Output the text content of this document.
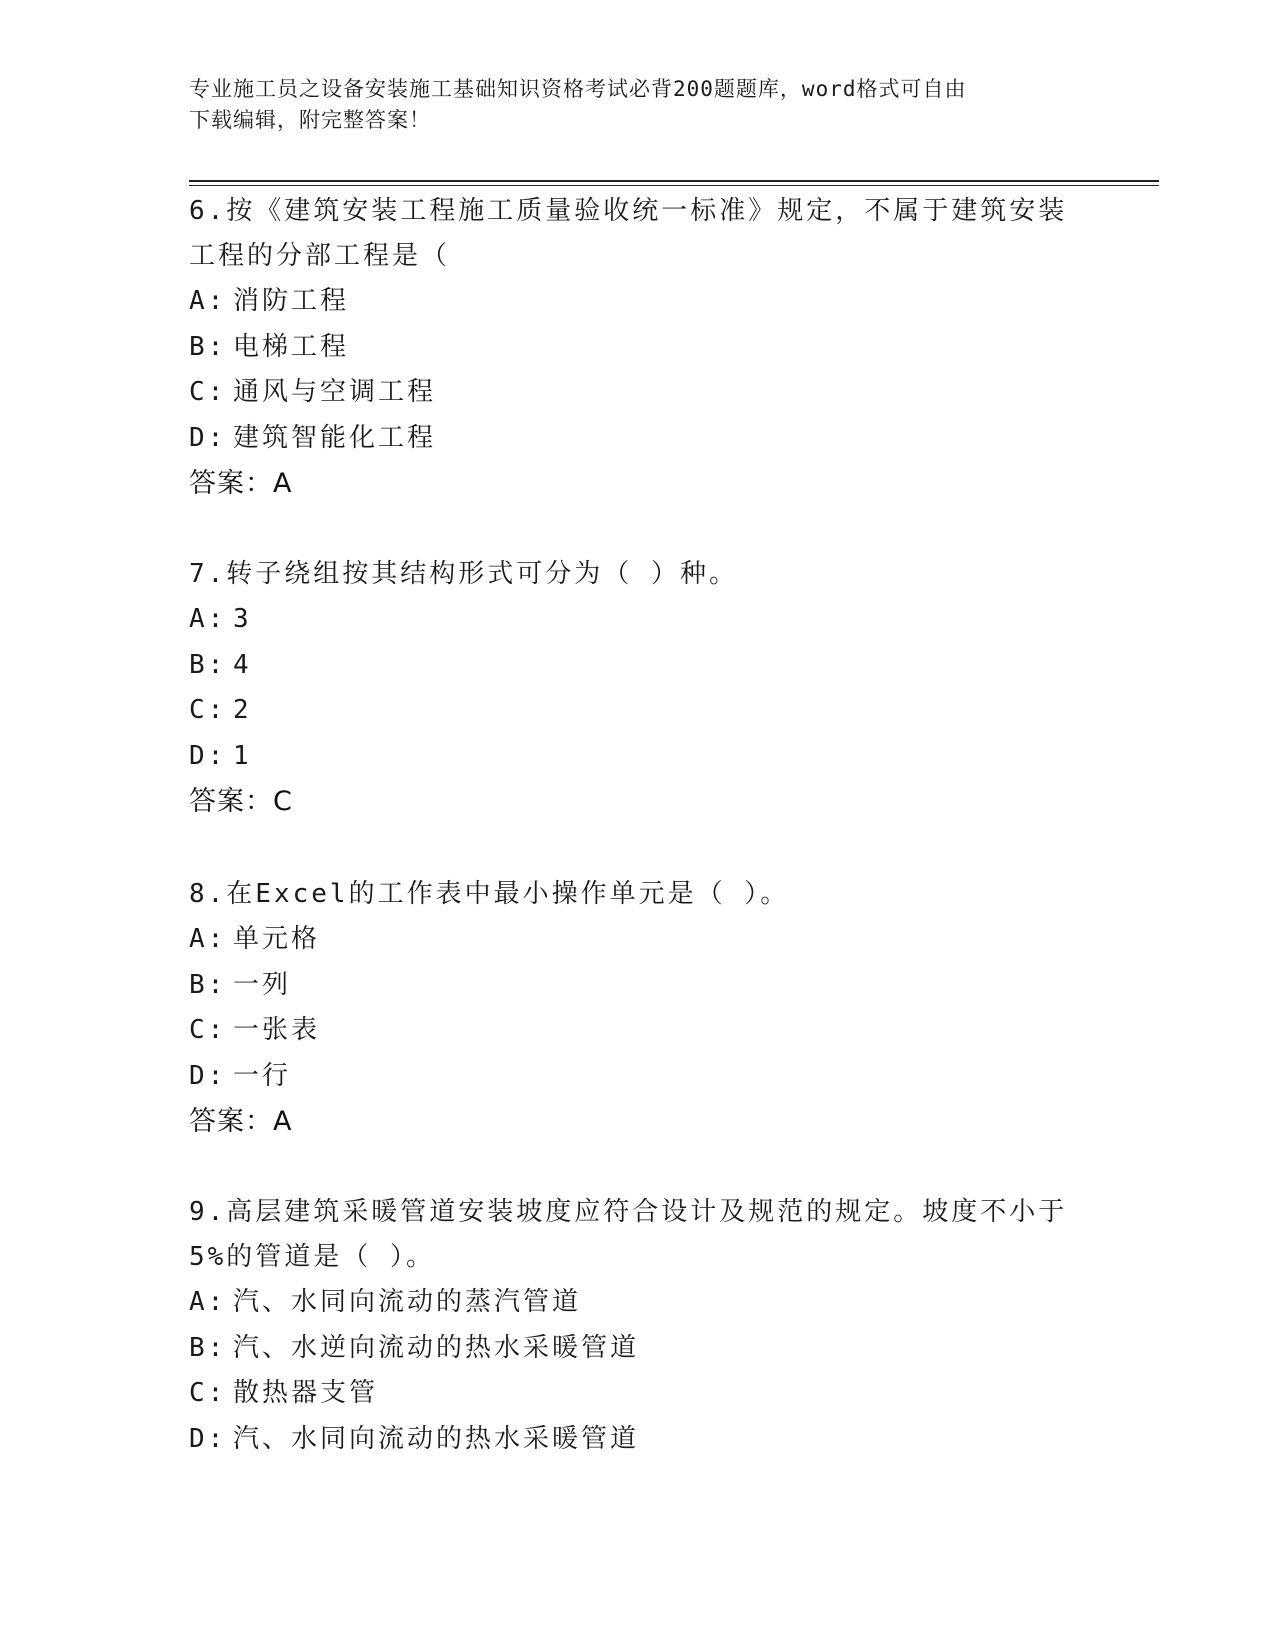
专业施工员之设备安装施工基础知识资格考试必背200题题库，word格式可自由
下载编辑，附完整答案！

6.按《建筑安装工程施工质量验收统一标准》规定，不属于建筑安装

工程的分部工程是（

A: 消防工程

B: 电梯工程

C: 通风与空调工程

D: 建筑智能化工程

答案：A

7.转子绕组按其结构形式可分为（ ）种。

A: 3

B: 4

C: 2

D: 1

答案：C

8.在Excel的工作表中最小操作单元是（ ）。

A: 单元格

B: 一列

C: 一张表

D: 一行

答案：A

9.高层建筑采暖管道安装坡度应符合设计及规范的规定。坡度不小于

5%的管道是（ ）。

A: 汽、水同向流动的蒸汽管道

B: 汽、水逆向流动的热水采暖管道

C: 散热器支管

D: 汽、水同向流动的热水采暖管道
